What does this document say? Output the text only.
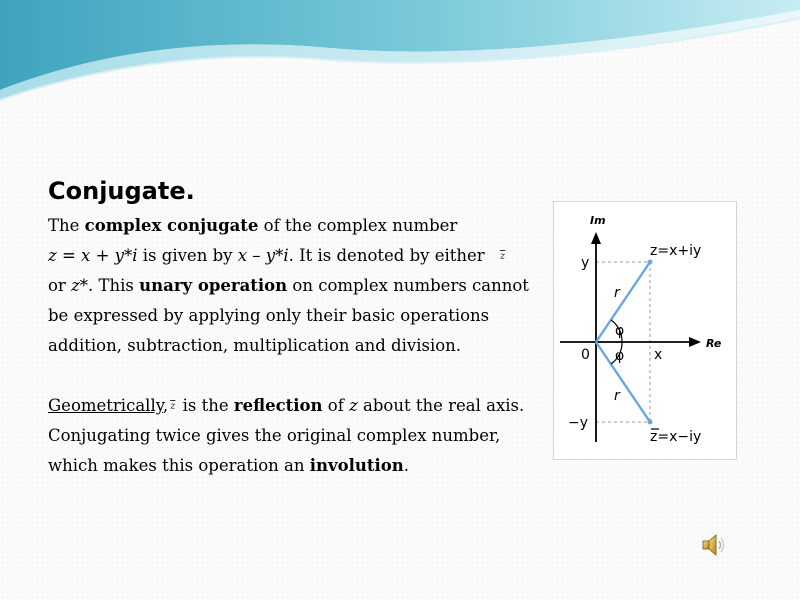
Conjugate.
The complex conjugate of the complex number
z = x + y*i is given by x – y*i. It is denoted by either $\overline{z}$
or z*. This unary operation on complex numbers cannot
be expressed by applying only their basic operations
addition, subtraction, multiplication and division.
Geometrically, $\overline{z}$ is the reflection of z about the real axis.
Conjugating twice gives the original complex number,
which makes this operation an involution.
Im
Re
z=x+iy
z=x−iy
y
−y
0	x
r
r
φ
φ
